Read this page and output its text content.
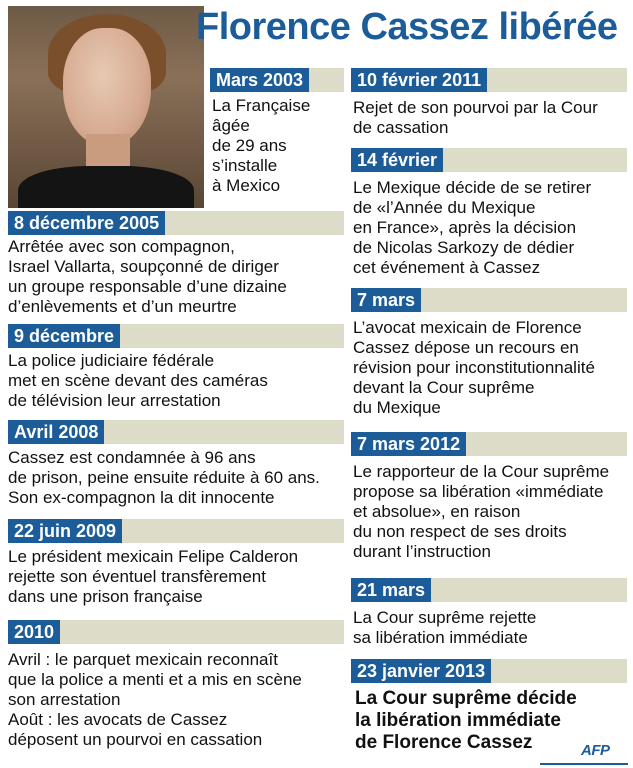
Florence Cassez libérée
Mars 2003
La Française
âgée
de 29 ans
s’installe
à Mexico
8 décembre 2005
Arrêtée avec son compagnon,
Israel Vallarta, soupçonné de diriger
un groupe responsable d’une dizaine
d’enlèvements et d’un meurtre
9 décembre
La police judiciaire fédérale
met en scène devant des caméras
de télévision leur arrestation
Avril 2008
Cassez est condamnée à 96 ans
de prison, peine ensuite réduite à 60 ans.
Son ex-compagnon la dit innocente
22 juin 2009
Le président mexicain Felipe Calderon
rejette son éventuel transfèrement
dans une prison française
2010
Avril : le parquet mexicain reconnaît
que la police a menti et a mis en scène
son arrestation
Août : les avocats de Cassez
déposent un pourvoi en cassation
10 février 2011
Rejet de son pourvoi par la Cour
de cassation
14 février
Le Mexique décide de se retirer
de «l’Année du Mexique
en France», après la décision
de Nicolas Sarkozy de dédier
cet événement à Cassez
7 mars
L’avocat mexicain de Florence
Cassez dépose un recours en
révision pour inconstitutionnalité
devant la Cour suprême
du Mexique
7 mars 2012
Le rapporteur de la Cour suprême
propose sa libération «immédiate
et absolue», en raison
du non respect de ses droits
durant l’instruction
21 mars
La Cour suprême rejette
sa libération immédiate
23 janvier 2013
La Cour suprême décide
la libération immédiate
de Florence Cassez	AFP
